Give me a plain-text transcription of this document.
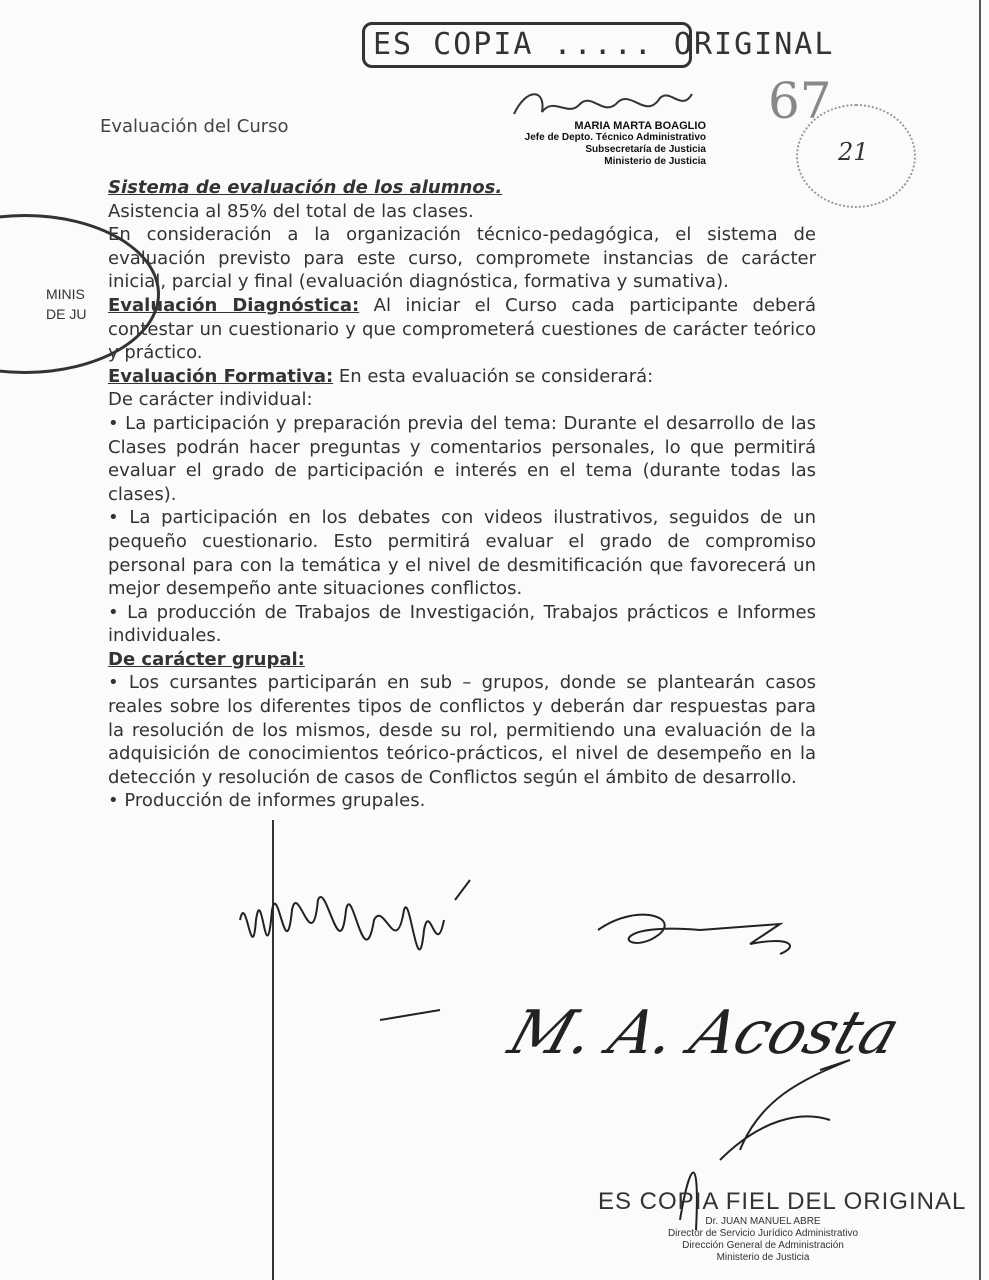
ES COPIA ..... ORIGINAL
67
21
Evaluación del Curso	MARIA MARTA BOAGLIO
Jefe de Depto. Técnico Administrativo
Subsecretaría de Justicia
Ministerio de Justicia
MINIS
DE JU

Sistema de evaluación de los alumnos.

Asistencia al 85% del total de las clases.

En consideración a la organización técnico-pedagógica, el sistema de evaluación previsto para este curso, compromete instancias de carácter inicial, parcial y final (evaluación diagnóstica, formativa y sumativa).

Evaluación Diagnóstica: Al iniciar el Curso cada participante deberá contestar un cuestionario y que comprometerá cuestiones de carácter teórico y práctico.

Evaluación Formativa: En esta evaluación se considerará:

De carácter individual:

• La participación y preparación previa del tema: Durante el desarrollo de las Clases podrán hacer preguntas y comentarios personales, lo que permitirá evaluar el grado de participación e interés en el tema (durante todas las clases).

• La participación en los debates con videos ilustrativos, seguidos de un pequeño cuestionario. Esto permitirá evaluar el grado de compromiso personal para con la temática y el nivel de desmitificación que favorecerá un mejor desempeño ante situaciones conflictos.

• La producción de Trabajos de Investigación, Trabajos prácticos e Informes individuales.

De carácter grupal:

• Los cursantes participarán en sub – grupos, donde se plantearán casos reales sobre los diferentes tipos de conflictos y deberán dar respuestas para la resolución de los mismos, desde su rol, permitiendo una evaluación de la adquisición de conocimientos teórico-prácticos, el nivel de desempeño en la detección y resolución de casos de Conflictos según el ámbito de desarrollo.

• Producción de informes grupales.

M. A. Acosta
ES COPIA FIEL DEL ORIGINAL
Dr. JUAN MANUEL ABRE
Director de Servicio Jurídico Administrativo
Dirección General de Administración
Ministerio de Justicia
